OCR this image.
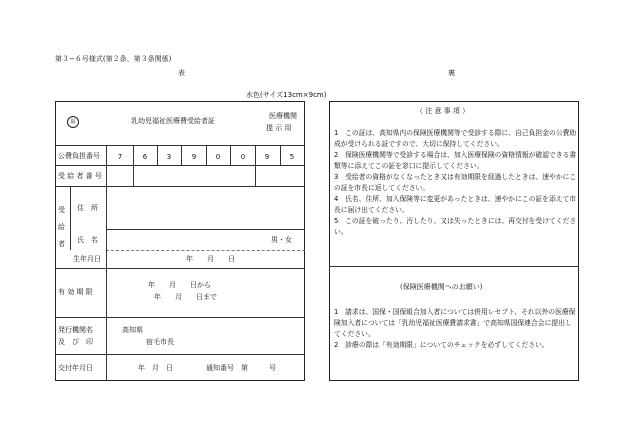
第３−６号様式(第２条、第３条関係)
表	裏
水色(サイズ13cm×9cm)
福	乳幼児福祉医療費受給者証
医療機関
提 示 用
公費負担番号	7	6	3	9	0	0	9	5
受 給 者 番 号
受
給
者
住　所
氏　名	男・女
生年月日	年　　月　　日
有 効 期 限
年　　月　　日から
年　　月　　日まで
発行機関名
及　び　印
高知県
宿毛市長
交付年月日	年　月　日	通知番号　第　　　号
（ 注 意 事 項 ）

1　この証は、高知県内の保険医療機関等で受診する際に、自己負担金の公費助成が受けられる証ですので、大切に保持してください。

2　保険医療機関等で受診する場合は、加入医療保険の資格情報が確認できる書類等に添えてこの証を窓口に提示してください。

3　受給者の資格がなくなったとき又は有効期限を経過したときは、速やかにこの証を市長に返してください。

4　氏名、住所、加入保険等に変更があったときは、速やかにこの証を添えて市長に届け出てください。

5　この証を破ったり、汚したり、又は失ったときには、再交付を受けてください。

(保険医療機関へのお願い)

1　請求は、国保・国保組合加入者については併用レセプト、それ以外の医療保険加入者については「乳幼児福祉医療費請求書」で高知県国保連合会に提出してください。

2　診療の際は「有効期限」についてのチェックを必ずしてください。
